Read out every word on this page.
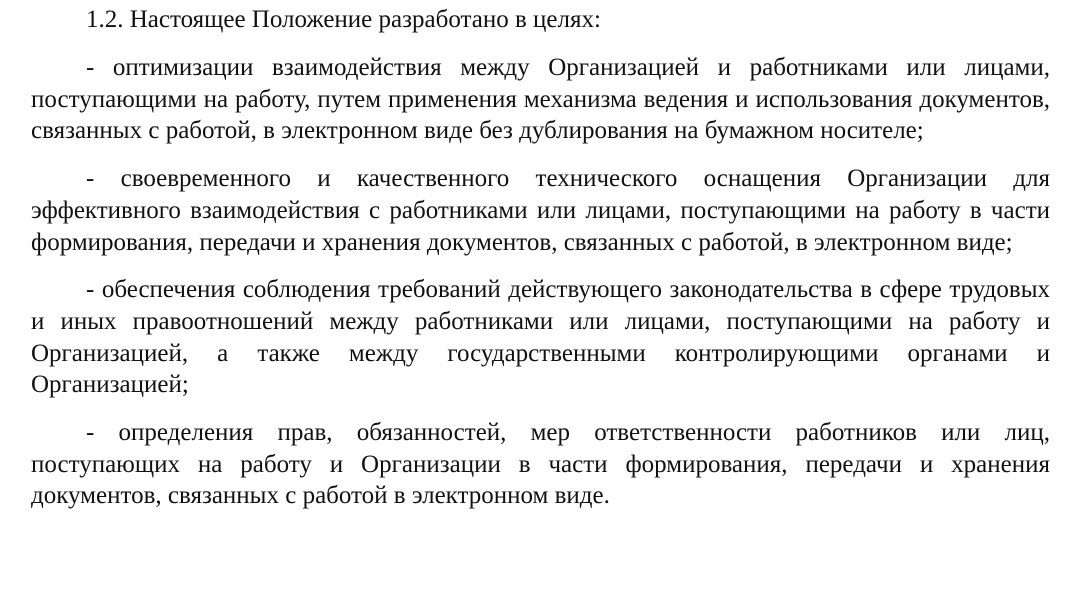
1.2. Настоящее Положение разработано в целях:

- оптимизации взаимодействия между Организацией и работниками или лицами, поступающими на работу, путем применения механизма ведения и использования документов, связанных с работой, в электронном виде без дублирования на бумажном носителе;

- своевременного и качественного технического оснащения Организации для эффективного взаимодействия с работниками или лицами, поступающими на работу в части формирования, передачи и хранения документов, связанных с работой, в электронном виде;

- обеспечения соблюдения требований действующего законодательства в сфере трудовых и иных правоотношений между работниками или лицами, поступающими на работу и Организацией, а также между государственными контролирующими органами и Организацией;

- определения прав, обязанностей, мер ответственности работников или лиц, поступающих на работу и Организации в части формирования, передачи и хранения документов, связанных с работой в электронном виде.
